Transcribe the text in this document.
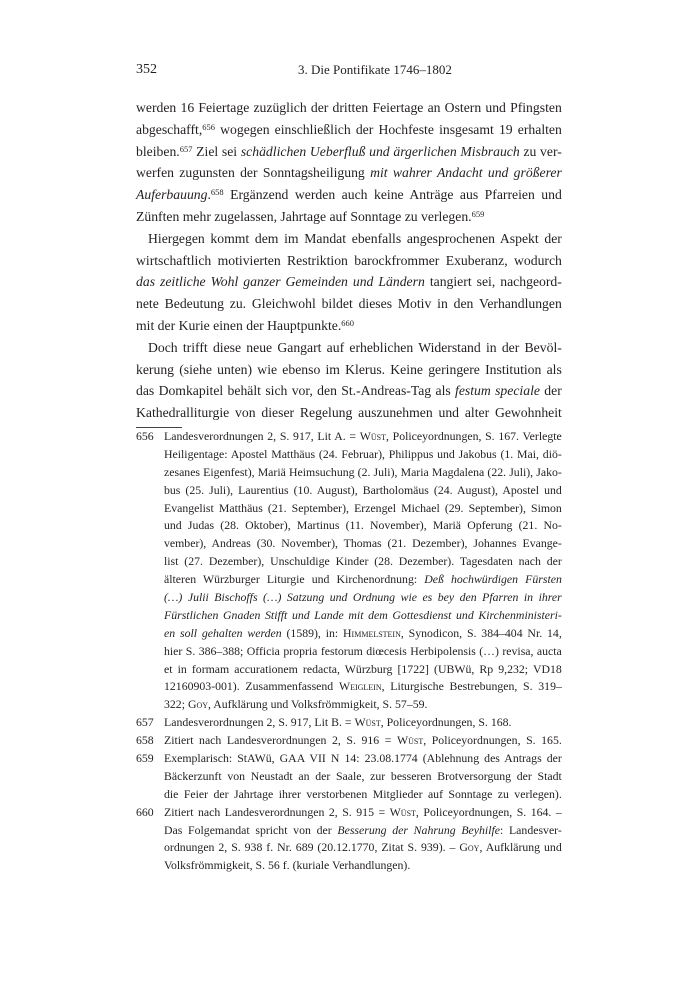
352	3. Die Pontifikate 1746–1802
werden 16 Feiertage zuzüglich der dritten Feiertage an Ostern und Pfingsten
abgeschafft,$^{656}$ wogegen einschließlich der Hochfeste insgesamt 19 erhalten
bleiben.$^{657}$ Ziel sei schädlichen Ueberfluß und ärgerlichen Misbrauch zu ver-
werfen zugunsten der Sonntagsheiligung mit wahrer Andacht und größerer
Auferbauung.$^{658}$ Ergänzend werden auch keine Anträge aus Pfarreien und
Zünften mehr zugelassen, Jahrtage auf Sonntage zu verlegen.$^{659}$
Hiergegen kommt dem im Mandat ebenfalls angesprochenen Aspekt der
wirtschaftlich motivierten Restriktion barockfrommer Exuberanz, wodurch
das zeitliche Wohl ganzer Gemeinden und Ländern tangiert sei, nachgeord-
nete Bedeutung zu. Gleichwohl bildet dieses Motiv in den Verhandlungen
mit der Kurie einen der Hauptpunkte.$^{660}$
Doch trifft diese neue Gangart auf erheblichen Widerstand in der Bevöl-
kerung (siehe unten) wie ebenso im Klerus. Keine geringere Institution als
das Domkapitel behält sich vor, den St.-Andreas-Tag als festum speciale der
Kathedralliturgie von dieser Regelung auszunehmen und alter Gewohnheit
656 Landesverordnungen 2, S. 917, Lit A. = Wüst, Policeyordnungen, S. 167. Verlegte
Heiligentage: Apostel Matthäus (24. Februar), Philippus und Jakobus (1. Mai, diö-
zesanes Eigenfest), Mariä Heimsuchung (2. Juli), Maria Magdalena (22. Juli), Jako-
bus (25. Juli), Laurentius (10. August), Bartholomäus (24. August), Apostel und
Evangelist Matthäus (21. September), Erzengel Michael (29. September), Simon
und Judas (28. Oktober), Martinus (11. November), Mariä Opferung (21. No-
vember), Andreas (30. November), Thomas (21. Dezember), Johannes Evange-
list (27. Dezember), Unschuldige Kinder (28. Dezember). Tagesdaten nach der
älteren Würzburger Liturgie und Kirchenordnung: Deß hochwürdigen Fürsten
(…) Julii Bischoffs (…) Satzung und Ordnung wie es bey den Pfarren in ihrer
Fürstlichen Gnaden Stifft und Lande mit dem Gottesdienst und Kirchenministeri-
en soll gehalten werden (1589), in: Himmelstein, Synodicon, S. 384–404 Nr. 14,
hier S. 386–388; Officia propria festorum diœcesis Herbipolensis (…) revisa, aucta
et in formam accurationem redacta, Würzburg [1722] (UBWü, Rp 9,232; VD18
12160903-001). Zusammenfassend Weiglein, Liturgische Bestrebungen, S. 319–
322; Goy, Aufklärung und Volksfrömmigkeit, S. 57–59.
657 Landesverordnungen 2, S. 917, Lit B. = Wüst, Policeyordnungen, S. 168.
658 Zitiert nach Landesverordnungen 2, S. 916 = Wüst, Policeyordnungen, S. 165.
659 Exemplarisch: StAWü, GAA VII N 14: 23.08.1774 (Ablehnung des Antrags der
Bäckerzunft von Neustadt an der Saale, zur besseren Brotversorgung der Stadt
die Feier der Jahrtage ihrer verstorbenen Mitglieder auf Sonntage zu verlegen).
660 Zitiert nach Landesverordnungen 2, S. 915 = Wüst, Policeyordnungen, S. 164. –
Das Folgemandat spricht von der Besserung der Nahrung Beyhilfe: Landesver-
ordnungen 2, S. 938 f. Nr. 689 (20.12.1770, Zitat S. 939). – Goy, Aufklärung und
Volksfrömmigkeit, S. 56 f. (kuriale Verhandlungen).
